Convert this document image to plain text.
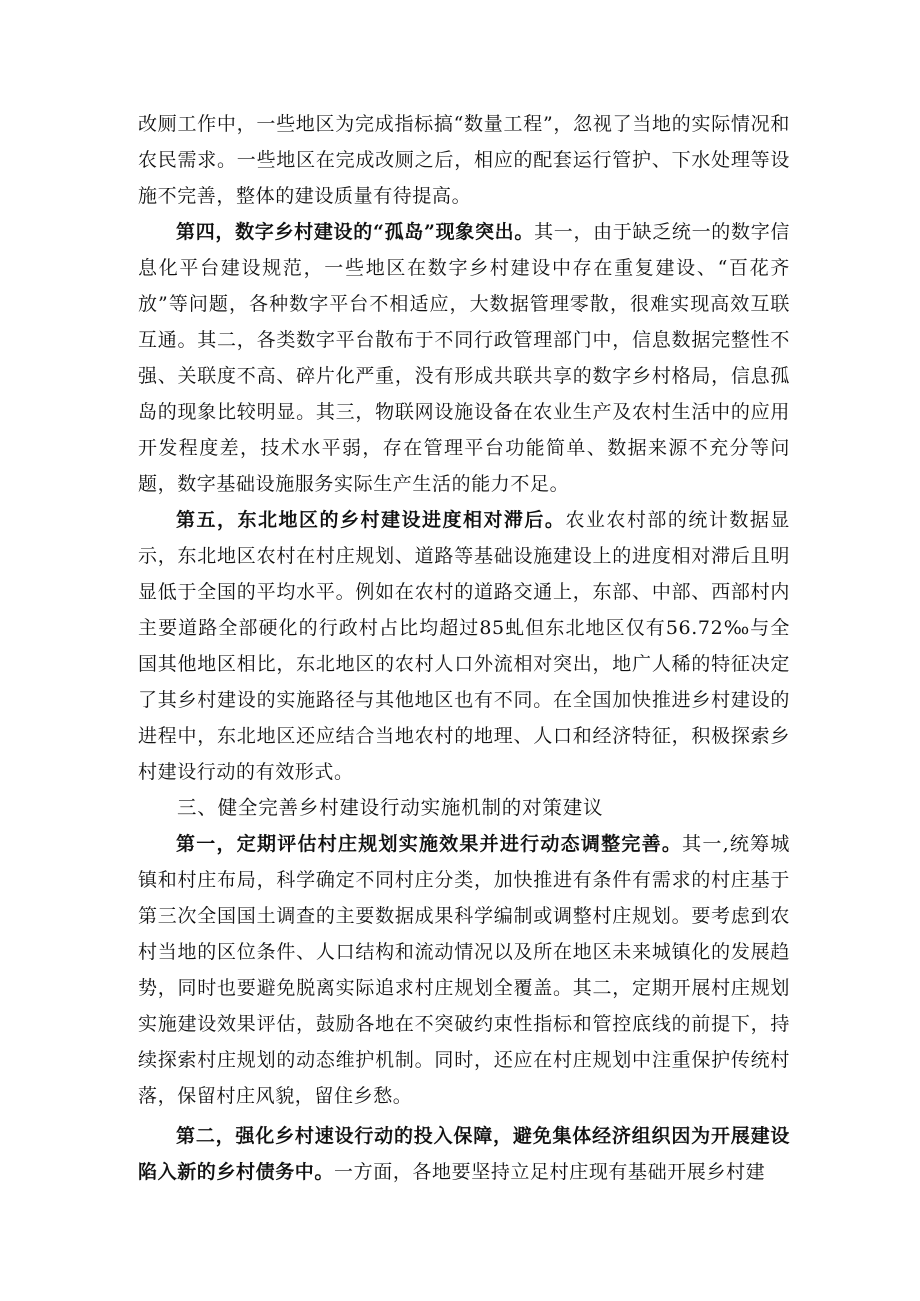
改厕工作中，一些地区为完成指标搞“数量工程”，忽视了当地的实际情况和农民需求。一些地区在完成改厕之后，相应的配套运行管护、下水处理等设施不完善，整体的建设质量有待提高。

第四，数字乡村建设的“孤岛”现象突出。其一，由于缺乏统一的数字信息化平台建设规范，一些地区在数字乡村建设中存在重复建设、“百花齐放”等问题，各种数字平台不相适应，大数据管理零散，很难实现高效互联互通。其二，各类数字平台散布于不同行政管理部门中，信息数据完整性不强、关联度不高、碎片化严重，没有形成共联共享的数字乡村格局，信息孤岛的现象比较明显。其三，物联网设施设备在农业生产及农村生活中的应用开发程度差，技术水平弱，存在管理平台功能简单、数据来源不充分等问题，数字基础设施服务实际生产生活的能力不足。

第五，东北地区的乡村建设进度相对滞后。农业农村部的统计数据显示，东北地区农村在村庄规划、道路等基础设施建设上的进度相对滞后且明显低于全国的平均水平。例如在农村的道路交通上，东部、中部、西部村内主要道路全部硬化的行政村占比均超过85虬但东北地区仅有56.72‰与全国其他地区相比，东北地区的农村人口外流相对突出，地广人稀的特征决定了其乡村建设的实施路径与其他地区也有不同。在全国加快推进乡村建设的进程中，东北地区还应结合当地农村的地理、人口和经济特征，积极探索乡村建设行动的有效形式。

三、健全完善乡村建设行动实施机制的对策建议

第一，定期评估村庄规划实施效果并进行动态调整完善。其一,统筹城镇和村庄布局，科学确定不同村庄分类，加快推进有条件有需求的村庄基于第三次全国国土调查的主要数据成果科学编制或调整村庄规划。要考虑到农村当地的区位条件、人口结构和流动情况以及所在地区未来城镇化的发展趋势，同时也要避免脱离实际追求村庄规划全覆盖。其二，定期开展村庄规划实施建设效果评估，鼓励各地在不突破约束性指标和管控底线的前提下，持续探索村庄规划的动态维护机制。同时，还应在村庄规划中注重保护传统村落，保留村庄风貌，留住乡愁。

第二，强化乡村速设行动的投入保障，避免集体经济组织因为开展建设陷入新的乡村债务中。一方面，各地要坚持立足村庄现有基础开展乡村建
